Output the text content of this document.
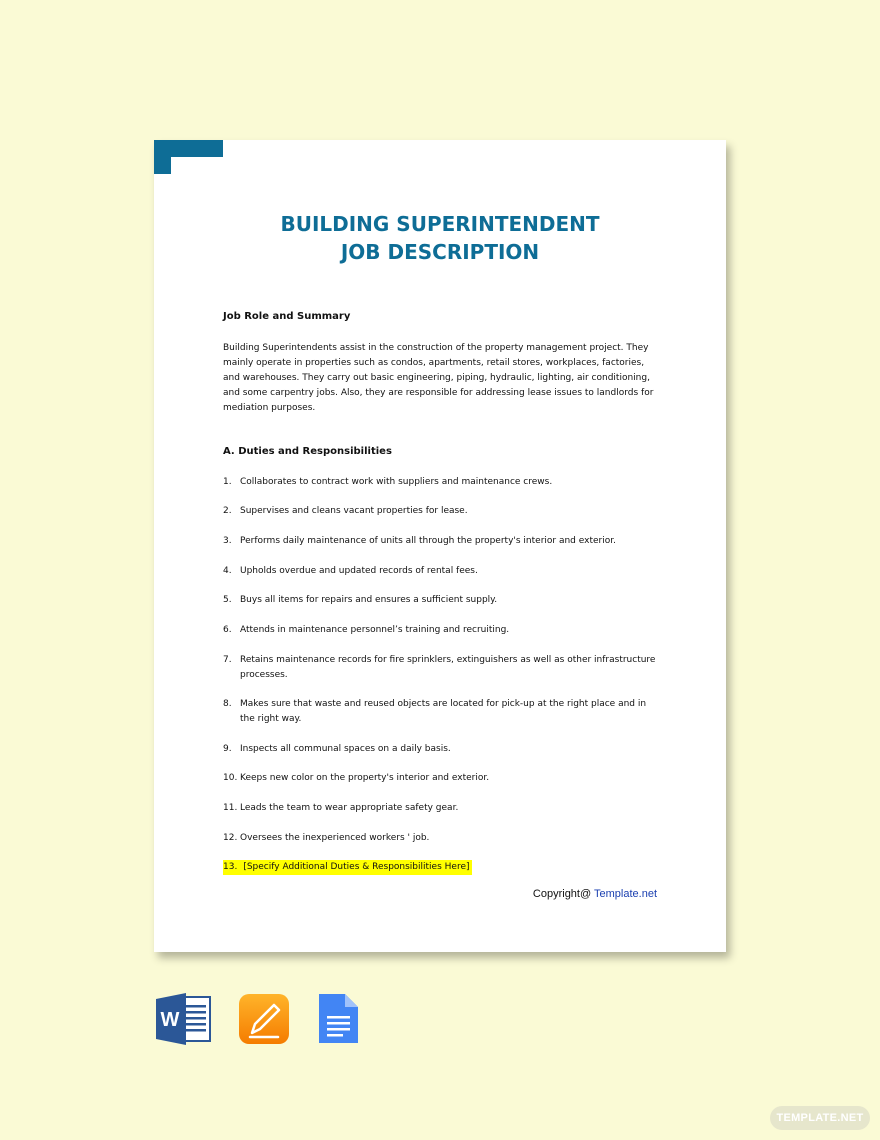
BUILDING SUPERINTENDENT
JOB DESCRIPTION
Job Role and Summary
Building Superintendents assist in the construction of the property management project. They mainly operate in properties such as condos, apartments, retail stores, workplaces, factories, and warehouses. They carry out basic engineering, piping, hydraulic, lighting, air conditioning, and some carpentry jobs. Also, they are responsible for addressing lease issues to landlords for mediation purposes.
A. Duties and Responsibilities
1. Collaborates to contract work with suppliers and maintenance crews.
2. Supervises and cleans vacant properties for lease.
3. Performs daily maintenance of units all through the property's interior and exterior.
4. Upholds overdue and updated records of rental fees.
5. Buys all items for repairs and ensures a sufficient supply.
6. Attends in maintenance personnel’s training and recruiting.
7. Retains maintenance records for fire sprinklers, extinguishers as well as other infrastructure processes.
8. Makes sure that waste and reused objects are located for pick-up at the right place and in the right way.
9. Inspects all communal spaces on a daily basis.
10. Keeps new color on the property's interior and exterior.
11. Leads the team to wear appropriate safety gear.
12. Oversees the inexperienced workers ' job.
13. [Specify Additional Duties & Responsibilities Here]
Copyright@ Template.net
W
TEMPLATE.NET
